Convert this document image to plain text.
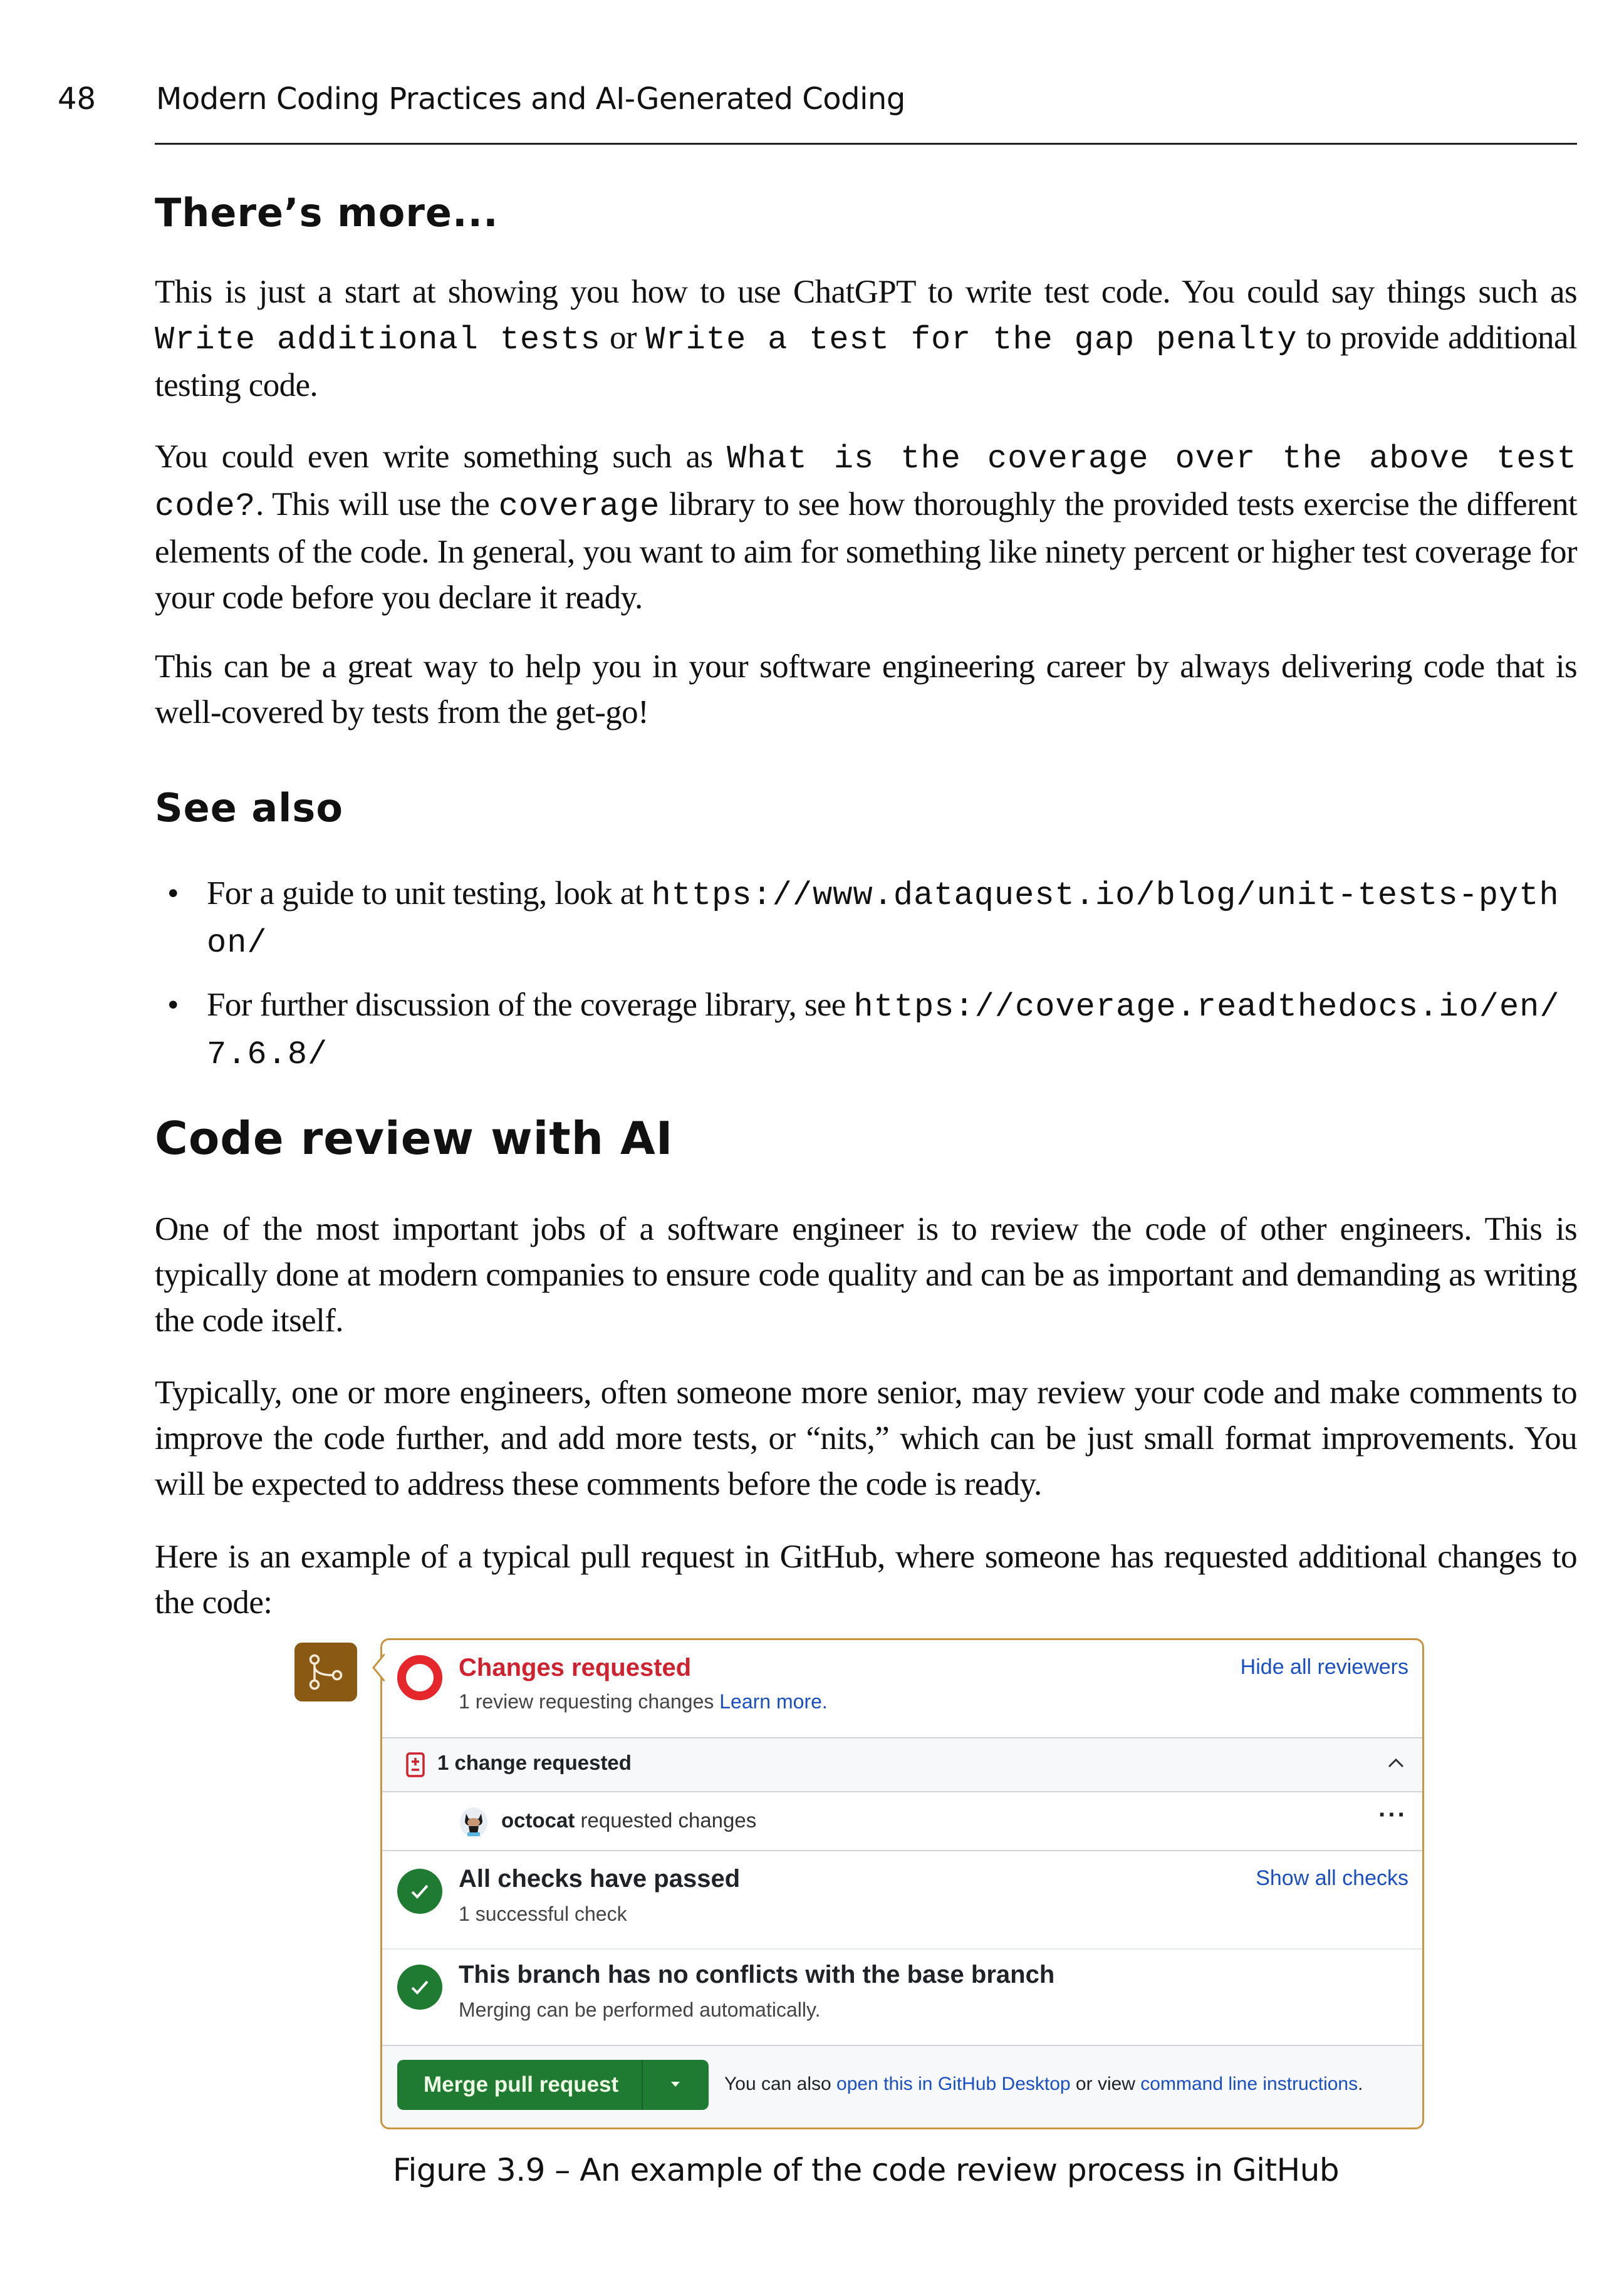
48 Modern Coding Practices and AI-Generated Coding
There’s more...
This is just a start at showing you how to use ChatGPT to write test code. You could say things such as Write additional tests or Write a test for the gap penalty to provide additional testing code.
You could even write something such as What is the coverage over the above test code?. This will use the coverage library to see how thoroughly the provided tests exercise the different elements of the code. In general, you want to aim for something like ninety percent or higher test coverage for your code before you declare it ready.
This can be a great way to help you in your software engineering career by always delivering code that is well-covered by tests from the get-go!
See also
• For a guide to unit testing, look at https://www.dataquest.io/blog/unit-tests-python/
• For further discussion of the coverage library, see https://coverage.readthedocs.io/en/7.6.8/
Code review with AI
One of the most important jobs of a software engineer is to review the code of other engineers. This is typically done at modern companies to ensure code quality and can be as important and demanding as writing the code itself.
Typically, one or more engineers, often someone more senior, may review your code and make comments to improve the code further, and add more tests, or “nits,” which can be just small format improvements. You will be expected to address these comments before the code is ready.
Here is an example of a typical pull request in GitHub, where someone has requested additional changes to the code:
Changes requested
1 review requesting changes Learn more.
Hide all reviewers
1 change requested
octocat requested changes	···
All checks have passed
1 successful check
Show all checks
This branch has no conflicts with the base branch
Merging can be performed automatically.
Merge pull request	You can also open this in GitHub Desktop or view command line instructions.
Figure 3.9 – An example of the code review process in GitHub
